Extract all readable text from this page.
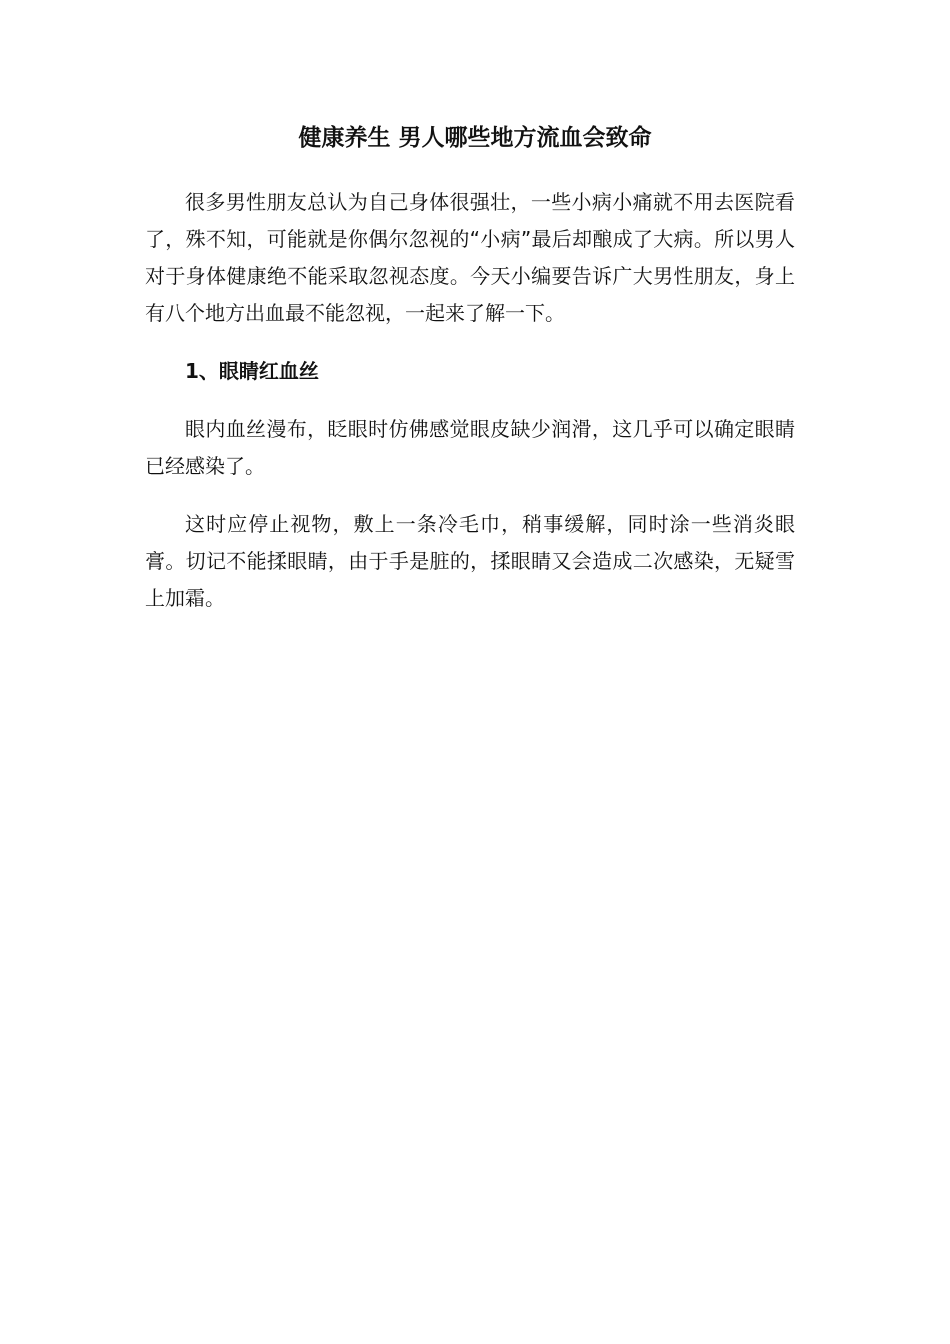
健康养生 男人哪些地方流血会致命

很多男性朋友总认为自己身体很强壮，一些小病小痛就不用去医院看了，殊不知，可能就是你偶尔忽视的“小病”最后却酿成了大病。所以男人对于身体健康绝不能采取忽视态度。今天小编要告诉广大男性朋友，身上有八个地方出血最不能忽视，一起来了解一下。

1、眼睛红血丝

眼内血丝漫布，眨眼时仿佛感觉眼皮缺少润滑，这几乎可以确定眼睛已经感染了。

这时应停止视物，敷上一条冷毛巾，稍事缓解，同时涂一些消炎眼膏。切记不能揉眼睛，由于手是脏的，揉眼睛又会造成二次感染，无疑雪上加霜。
